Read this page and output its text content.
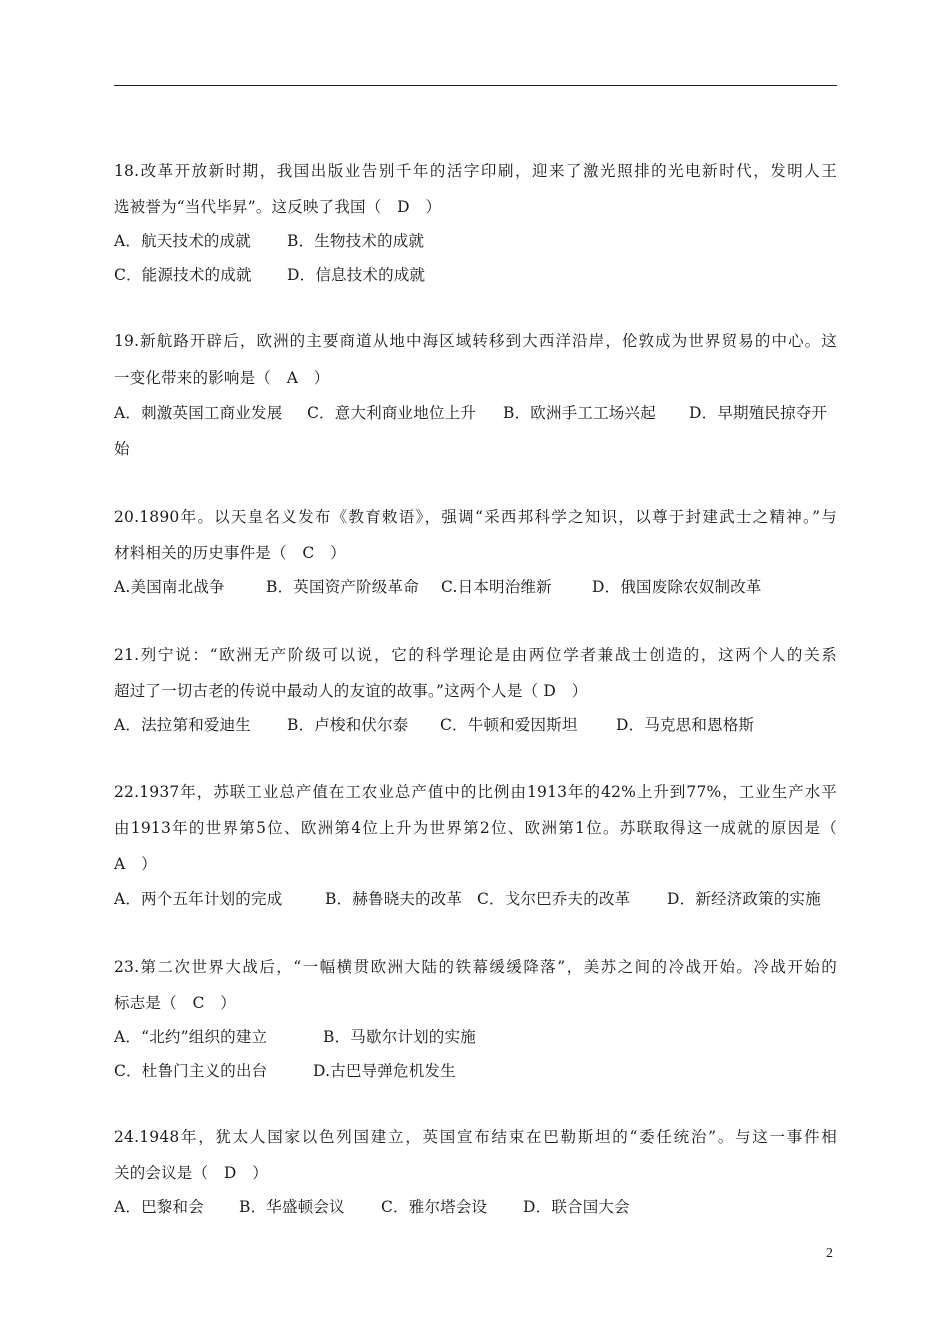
18.改革开放新时期，我国出版业告别千年的活字印刷，迎来了激光照排的光电新时代，发明人王
选被誉为“当代毕昇”。这反映了我国（　D　）
A．航天技术的成就 B．生物技术的成就
C．能源技术的成就 D．信息技术的成就
19.新航路开辟后，欧洲的主要商道从地中海区域转移到大西洋沿岸，伦敦成为世界贸易的中心。这
一变化带来的影响是（　A　）
A．刺激英国工商业发展 C．意大利商业地位上升 B．欧洲手工工场兴起 D．早期殖民掠夺开
始
20.1890年。以天皇名义发布《教育敕语》，强调“采西邦科学之知识，以尊于封建武士之精神。”与
材料相关的历史事件是（　C　）
A.美国南北战争	B．英国资产阶级革命 C.日本明治维新	D．俄国废除农奴制改革
21.列宁说：“欧洲无产阶级可以说，它的科学理论是由两位学者兼战士创造的，这两个人的关系
超过了一切古老的传说中最动人的友谊的故事。”这两个人是（ D　）
A．法拉第和爱迪生 B．卢梭和伏尔泰 C．牛顿和爱因斯坦 D．马克思和恩格斯
22.1937年，苏联工业总产值在工农业总产值中的比例由1913年的42%上升到77%，工业生产水平
由1913年的世界第5位、欧洲第4位上升为世界第2位、欧洲第1位。苏联取得这一成就的原因是（
A　）
A．两个五年计划的完成	B．赫鲁晓夫的改革 C．戈尔巴乔夫的改革 D．新经济政策的实施
23.第二次世界大战后，“一幅横贯欧洲大陆的铁幕缓缓降落”，美苏之间的冷战开始。冷战开始的
标志是（　C　）
A．“北约”组织的建立	B．马歇尔计划的实施
C．杜鲁门主义的出台	D.古巴导弹危机发生
24.1948年，犹太人国家以色列国建立，英国宣布结束在巴勒斯坦的“委任统治”。与这一事件相
关的会议是（　D　）
A．巴黎和会 B．华盛顿会议 C．雅尔塔会设 D．联合国大会
2
